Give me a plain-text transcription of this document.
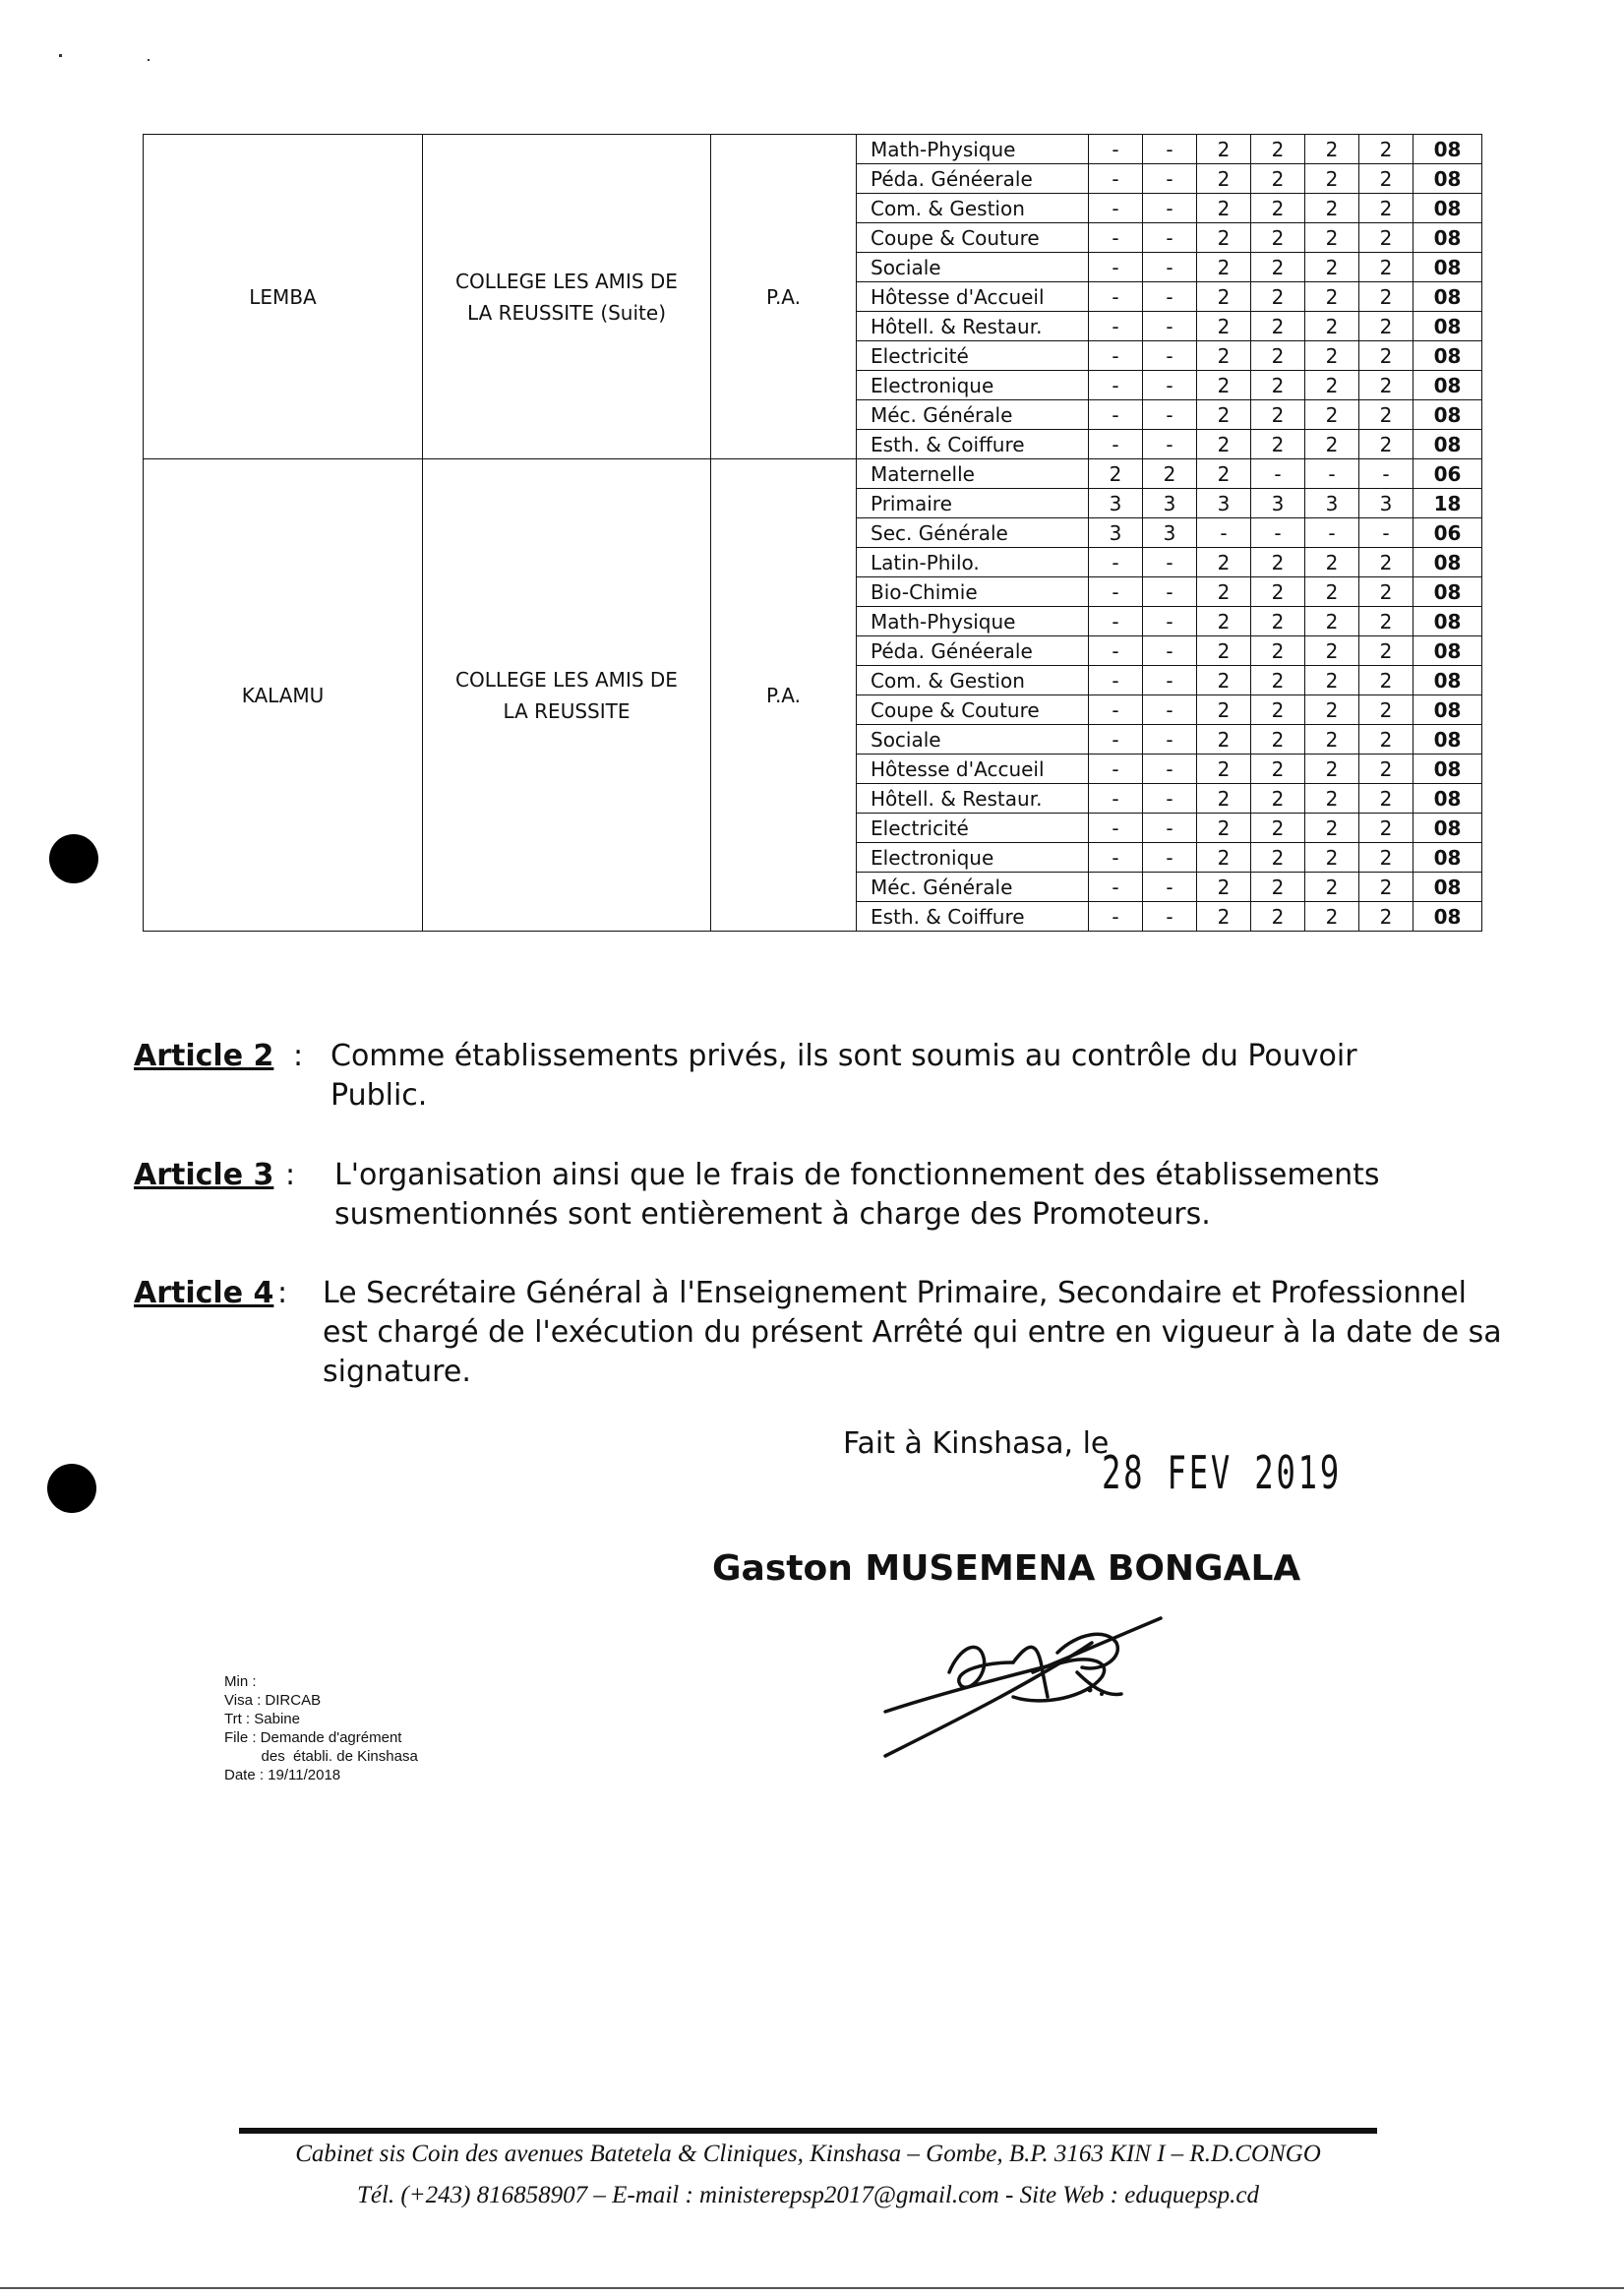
LEMBA	COLLEGE LES AMIS DE LA REUSSITE (Suite)	P.A.	Math-Physique	-	-	2	2	2	2	08
			Péda. Généerale	-	-	2	2	2	2	08
			Com. & Gestion	-	-	2	2	2	2	08
			Coupe & Couture	-	-	2	2	2	2	08
			Sociale	-	-	2	2	2	2	08
			Hôtesse d'Accueil	-	-	2	2	2	2	08
			Hôtell. & Restaur.	-	-	2	2	2	2	08
			Electricité	-	-	2	2	2	2	08
			Electronique	-	-	2	2	2	2	08
			Méc. Générale	-	-	2	2	2	2	08
			Esth. & Coiffure	-	-	2	2	2	2	08
KALAMU	COLLEGE LES AMIS DE LA REUSSITE	P.A.	Maternelle	2	2	2	-	-	-	06
			Primaire	3	3	3	3	3	3	18
			Sec. Générale	3	3	-	-	-	-	06
			Latin-Philo.	-	-	2	2	2	2	08
			Bio-Chimie	-	-	2	2	2	2	08
			Math-Physique	-	-	2	2	2	2	08
			Péda. Généerale	-	-	2	2	2	2	08
			Com. & Gestion	-	-	2	2	2	2	08
			Coupe & Couture	-	-	2	2	2	2	08
			Sociale	-	-	2	2	2	2	08
			Hôtesse d'Accueil	-	-	2	2	2	2	08
			Hôtell. & Restaur.	-	-	2	2	2	2	08
			Electricité	-	-	2	2	2	2	08
			Electronique	-	-	2	2	2	2	08
			Méc. Générale	-	-	2	2	2	2	08
			Esth. & Coiffure	-	-	2	2	2	2	08
Article 2 : Comme établissements privés, ils sont soumis au contrôle du Pouvoir
Public.
Article 3 : L'organisation ainsi que le frais de fonctionnement des établissements
susmentionnés sont entièrement à charge des Promoteurs.
Article 4 : Le Secrétaire Général à l'Enseignement Primaire, Secondaire et Professionnel
est chargé de l'exécution du présent Arrêté qui entre en vigueur à la date de sa
signature.
Fait à Kinshasa, le
28 FEV 2019
Gaston MUSEMENA BONGALA
Min :
Visa : DIRCAB
Trt : Sabine
File : Demande d'agrément
des  établi. de Kinshasa
Date : 19/11/2018
Cabinet sis Coin des avenues Batetela & Cliniques, Kinshasa – Gombe, B.P. 3163 KIN I – R.D.CONGO
Tél. (+243) 816858907 – E-mail : ministerepsp2017@gmail.com - Site Web : eduquepsp.cd
